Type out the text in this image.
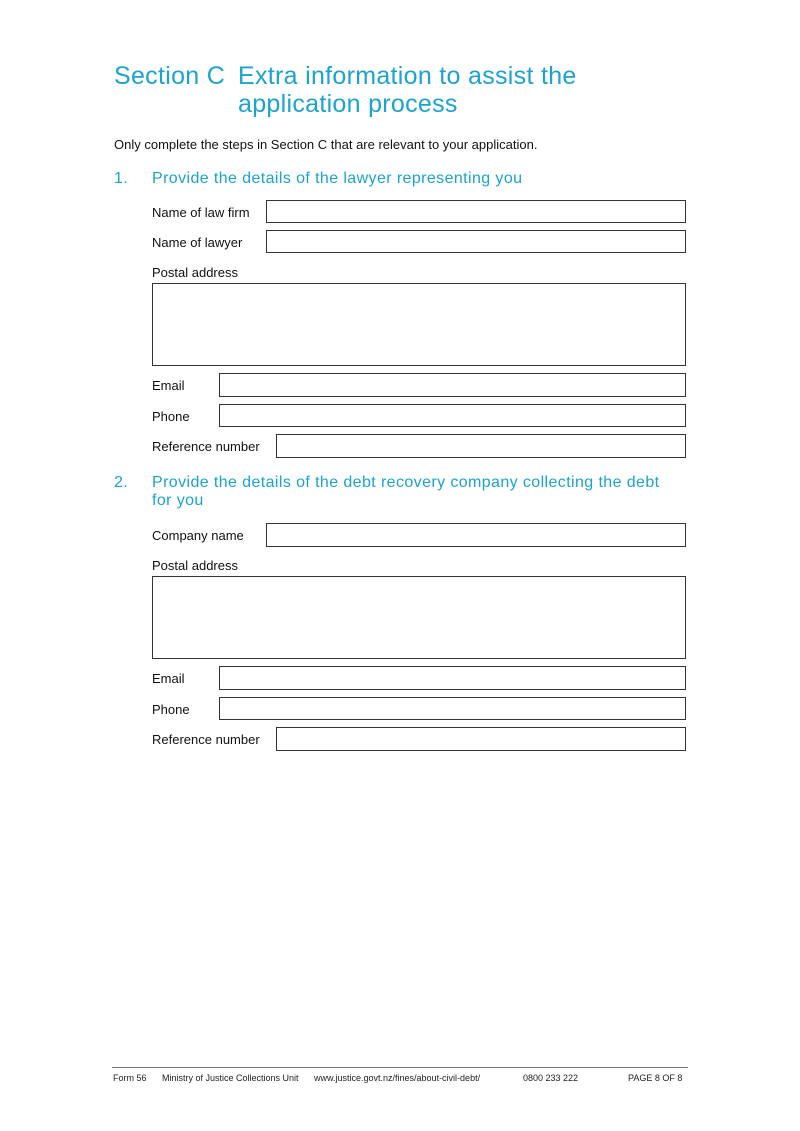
Section C Extra information to assist the
application process
Only complete the steps in Section C that are relevant to your application.
1. Provide the details of the lawyer representing you
Name of law firm
Name of lawyer
Postal address
Email
Phone
Reference number
2. Provide the details of the debt recovery company collecting the debt
for you
Company name
Postal address
Email
Phone
Reference number
Form 56 Ministry of Justice Collections Unit www.justice.govt.nz/fines/about-civil-debt/	0800 233 222	PAGE 8 OF 8
